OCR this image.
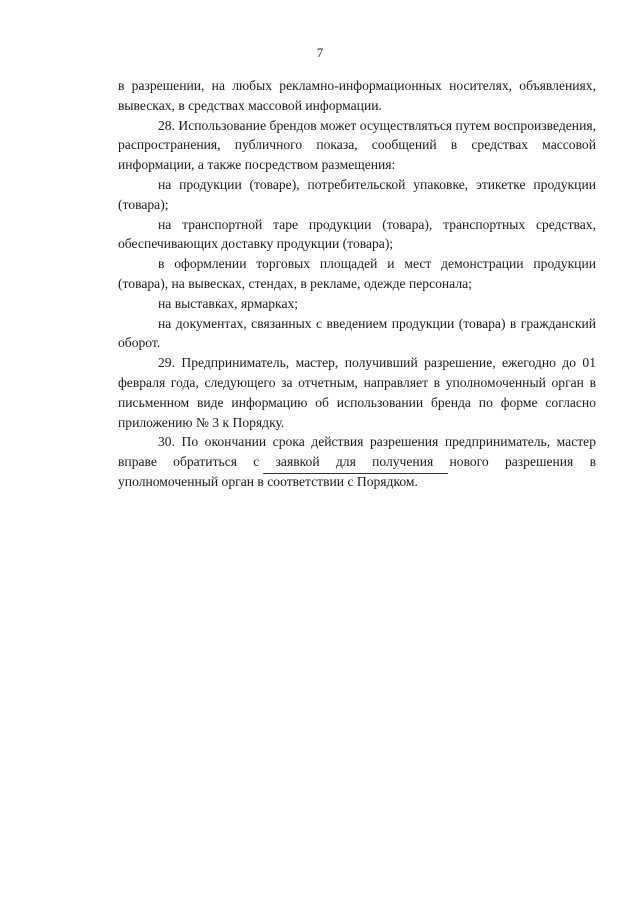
7

в разрешении, на любых рекламно-информационных носителях, объявлениях, вывесках, в средствах массовой информации.

28. Использование брендов может осуществляться путем воспроизведения, распространения, публичного показа, сообщений в средствах массовой информации, а также посредством размещения:

на продукции (товаре), потребительской упаковке, этикетке продукции (товара);

на транспортной таре продукции (товара), транспортных средствах, обеспечивающих доставку продукции (товара);

в оформлении торговых площадей и мест демонстрации продукции (товара), на вывесках, стендах, в рекламе, одежде персонала;

на выставках, ярмарках;

на документах, связанных с введением продукции (товара) в гражданский оборот.

29. Предприниматель, мастер, получивший разрешение, ежегодно до 01 февраля года, следующего за отчетным, направляет в уполномоченный орган в письменном виде информацию об использовании бренда по форме согласно приложению № 3 к Порядку.

30. По окончании срока действия разрешения предприниматель, мастер вправе обратиться с заявкой для получения нового разрешения в уполномоченный орган в соответствии с Порядком.
